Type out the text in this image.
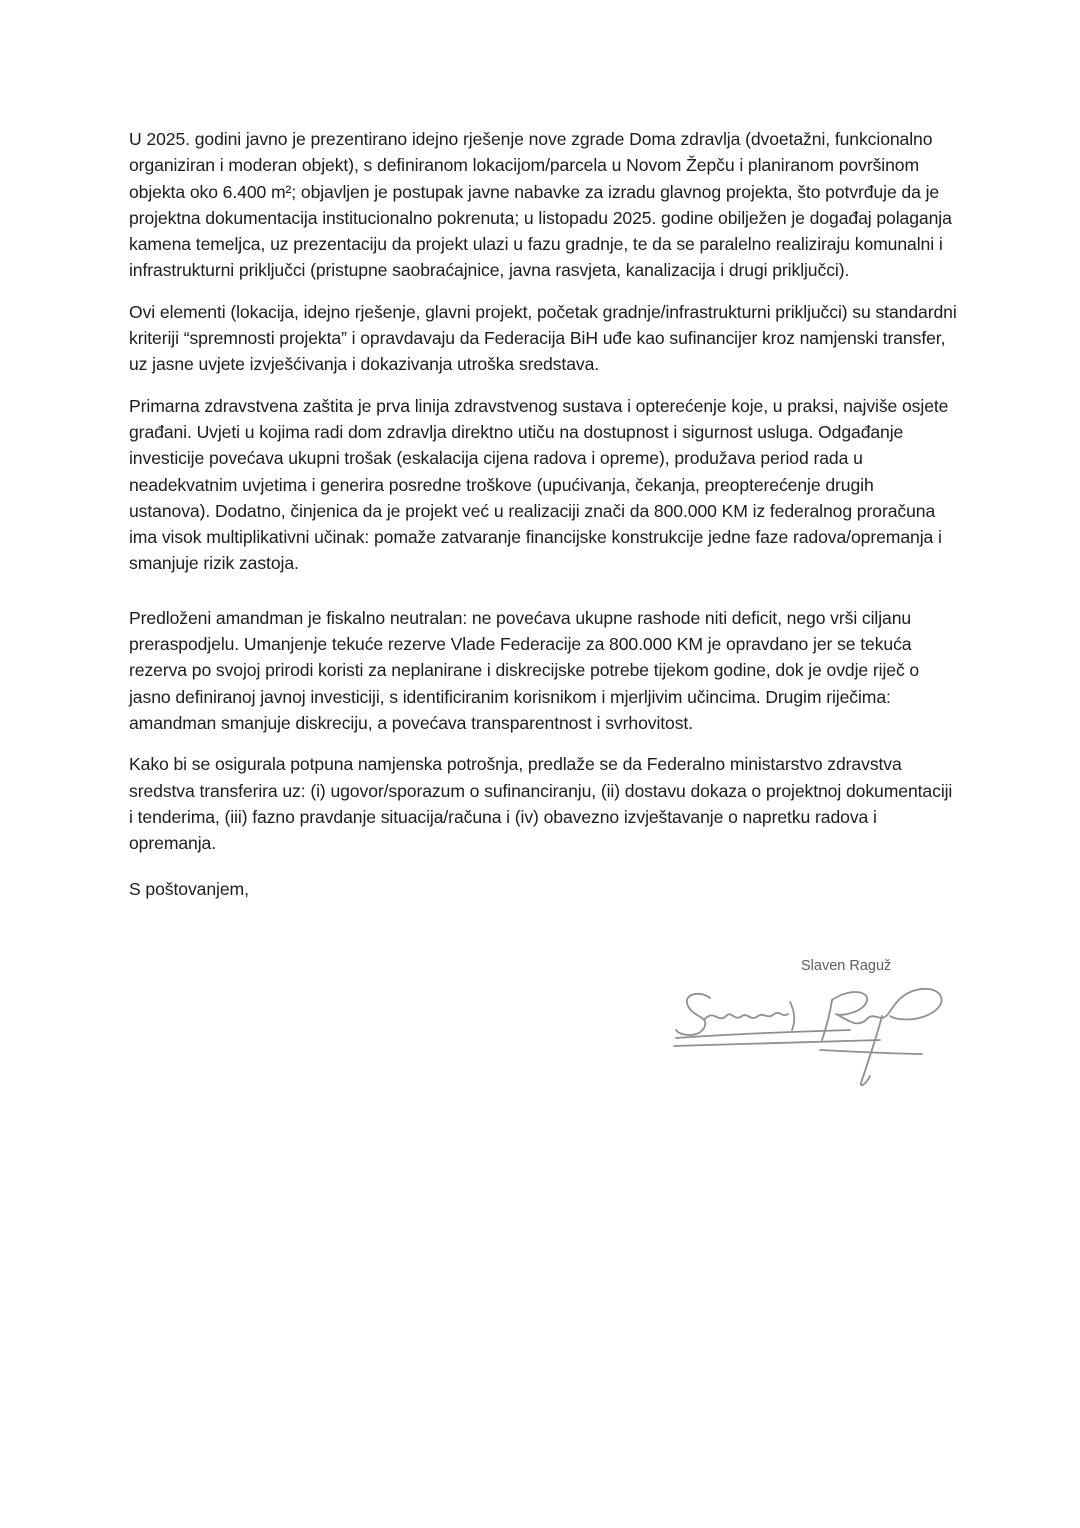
U 2025. godini javno je prezentirano idejno rješenje nove zgrade Doma zdravlja (dvoetažni, funkcionalno organiziran i moderan objekt), s definiranom lokacijom/parcela u Novom Žepču i planiranom površinom objekta oko 6.400 m²; objavljen je postupak javne nabavke za izradu glavnog projekta, što potvrđuje da je projektna dokumentacija institucionalno pokrenuta; u listopadu 2025. godine obilježen je događaj polaganja kamena temeljca, uz prezentaciju da projekt ulazi u fazu gradnje, te da se paralelno realiziraju komunalni i infrastrukturni priključci (pristupne saobraćajnice, javna rasvjeta, kanalizacija i drugi priključci).

Ovi elementi (lokacija, idejno rješenje, glavni projekt, početak gradnje/infrastrukturni priključci) su standardni kriteriji “spremnosti projekta” i opravdavaju da Federacija BiH uđe kao sufinancijer kroz namjenski transfer, uz jasne uvjete izvješćivanja i dokazivanja utroška sredstava.

Primarna zdravstvena zaštita je prva linija zdravstvenog sustava i opterećenje koje, u praksi, najviše osjete građani. Uvjeti u kojima radi dom zdravlja direktno utiču na dostupnost i sigurnost usluga. Odgađanje investicije povećava ukupni trošak (eskalacija cijena radova i opreme), produžava period rada u neadekvatnim uvjetima i generira posredne troškove (upućivanja, čekanja, preopterećenje drugih ustanova). Dodatno, činjenica da je projekt već u realizaciji znači da 800.000 KM iz federalnog proračuna ima visok multiplikativni učinak: pomaže zatvaranje financijske konstrukcije jedne faze radova/opremanja i smanjuje rizik zastoja.

Predloženi amandman je fiskalno neutralan: ne povećava ukupne rashode niti deficit, nego vrši ciljanu preraspodjelu. Umanjenje tekuće rezerve Vlade Federacije za 800.000 KM je opravdano jer se tekuća rezerva po svojoj prirodi koristi za neplanirane i diskrecijske potrebe tijekom godine, dok je ovdje riječ o jasno definiranoj javnoj investiciji, s identificiranim korisnikom i mjerljivim učincima. Drugim riječima: amandman smanjuje diskreciju, a povećava transparentnost i svrhovitost.

Kako bi se osigurala potpuna namjenska potrošnja, predlaže se da Federalno ministarstvo zdravstva sredstva transferira uz: (i) ugovor/sporazum o sufinanciranju, (ii) dostavu dokaza o projektnoj dokumentaciji i tenderima, (iii) fazno pravdanje situacija/računa i (iv) obavezno izvještavanje o napretku radova i opremanja.

S poštovanjem,

Slaven Raguž
